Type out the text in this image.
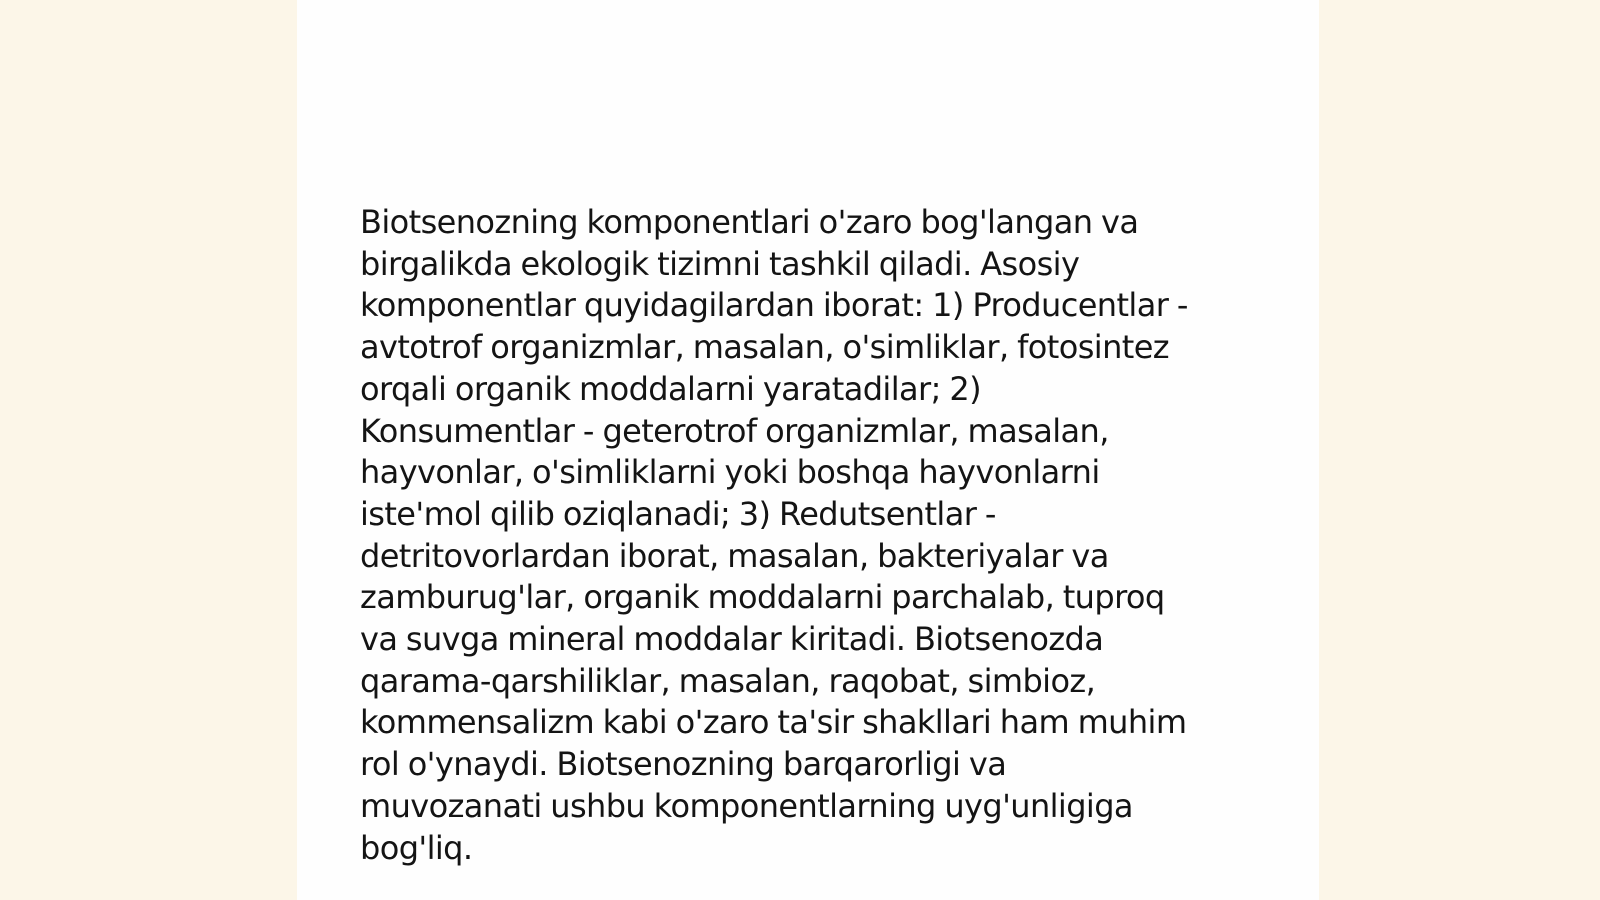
Biotsenozning komponentlari o'zaro bog'langan va
birgalikda ekologik tizimni tashkil qiladi. Asosiy
komponentlar quyidagilardan iborat: 1) Producentlar -
avtotrof organizmlar, masalan, o'simliklar, fotosintez
orqali organik moddalarni yaratadilar; 2)
Konsumentlar - geterotrof organizmlar, masalan,
hayvonlar, o'simliklarni yoki boshqa hayvonlarni
iste'mol qilib oziqlanadi; 3) Redutsentlar -
detritovorlardan iborat, masalan, bakteriyalar va
zamburug'lar, organik moddalarni parchalab, tuproq
va suvga mineral moddalar kiritadi. Biotsenozda
qarama-qarshiliklar, masalan, raqobat, simbioz,
kommensalizm kabi o'zaro ta'sir shakllari ham muhim
rol o'ynaydi. Biotsenozning barqarorligi va
muvozanati ushbu komponentlarning uyg'unligiga
bog'liq.
